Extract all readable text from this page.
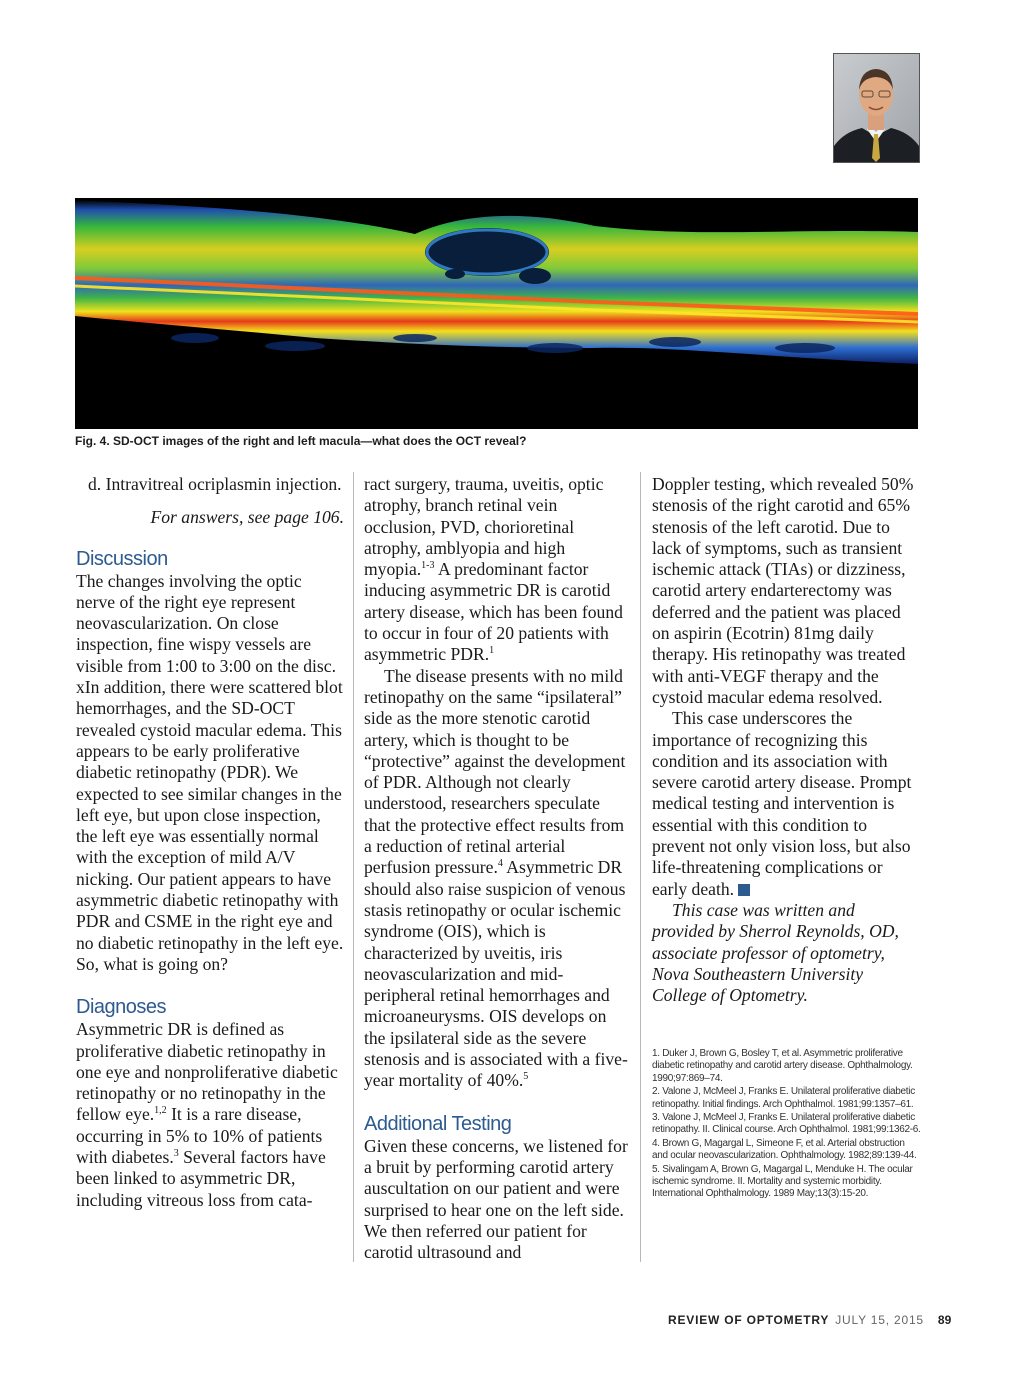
Fig. 4. SD-OCT images of the right and left macula—what does the OCT reveal?

d. Intravitreal ocriplasmin injection.

For answers, see page 106.

Discussion

The changes involving the optic nerve of the right eye represent neovascularization. On close inspection, fine wispy vessels are visible from 1:00 to 3:00 on the disc. xIn addition, there were scattered blot hemorrhages, and the SD-OCT revealed cystoid macular edema. This appears to be early proliferative diabetic retinopathy (PDR). We expected to see similar changes in the left eye, but upon close inspection, the left eye was essentially normal with the exception of mild A/V nicking. Our patient appears to have asymmetric diabetic retinopathy with PDR and CSME in the right eye and no diabetic retinopathy in the left eye. So, what is going on?

Diagnoses

Asymmetric DR is defined as proliferative diabetic retinopathy in one eye and nonproliferative diabetic retinopathy or no retinopathy in the fellow eye.$^{1,2}$ It is a rare disease, occurring in 5% to 10% of patients with diabetes.$^3$ Several factors have been linked to asymmetric DR, including vitreous loss from cata-

ract surgery, trauma, uveitis, optic atrophy, branch retinal vein occlusion, PVD, chorioretinal atrophy, amblyopia and high myopia.$^{1-3}$ A predominant factor inducing asymmetric DR is carotid artery disease, which has been found to occur in four of 20 patients with asymmetric PDR.$^1$

The disease presents with no mild retinopathy on the same “ipsilateral” side as the more stenotic carotid artery, which is thought to be “protective” against the development of PDR. Although not clearly understood, researchers speculate that the protective effect results from a reduction of retinal arterial perfusion pressure.$^4$ Asymmetric DR should also raise suspicion of venous stasis retinopathy or ocular ischemic syndrome (OIS), which is characterized by uveitis, iris neovascularization and mid-peripheral retinal hemorrhages and microaneurysms. OIS develops on the ipsilateral side as the severe stenosis and is associated with a five-year mortality of 40%.$^5$

Additional Testing

Given these concerns, we listened for a bruit by performing carotid artery auscultation on our patient and were surprised to hear one on the left side. We then referred our patient for carotid ultrasound and

Doppler testing, which revealed 50% stenosis of the right carotid and 65% stenosis of the left carotid. Due to lack of symptoms, such as transient ischemic attack (TIAs) or dizziness, carotid artery endarterectomy was deferred and the patient was placed on aspirin (Ecotrin) 81mg daily therapy. His retinopathy was treated with anti-VEGF therapy and the cystoid macular edema resolved.

This case underscores the importance of recognizing this condition and its association with severe carotid artery disease. Prompt medical testing and intervention is essential with this condition to prevent not only vision loss, but also life-threatening complications or early death.

This case was written and provided by Sherrol Reynolds, OD, associate professor of optometry, Nova Southeastern University College of Optometry.

1. Duker J, Brown G, Bosley T, et al. Asymmetric proliferative diabetic retinopathy and carotid artery disease. Ophthalmology. 1990;97:869–74.

2. Valone J, McMeel J, Franks E. Unilateral proliferative diabetic retinopathy. Initial findings. Arch Ophthalmol. 1981;99:1357–61.

3. Valone J, McMeel J, Franks E. Unilateral proliferative diabetic retinopathy. II. Clinical course. Arch Ophthalmol. 1981;99:1362-6.

4. Brown G, Magargal L, Simeone F, et al. Arterial obstruction and ocular neovascularization. Ophthalmology. 1982;89:139-44.

5. Sivalingam A, Brown G, Magargal L, Menduke H. The ocular ischemic syndrome. II. Mortality and systemic morbidity. International Ophthalmology. 1989 May;13(3):15-20.

REVIEW OF OPTOMETRY JULY 15, 2015 89
